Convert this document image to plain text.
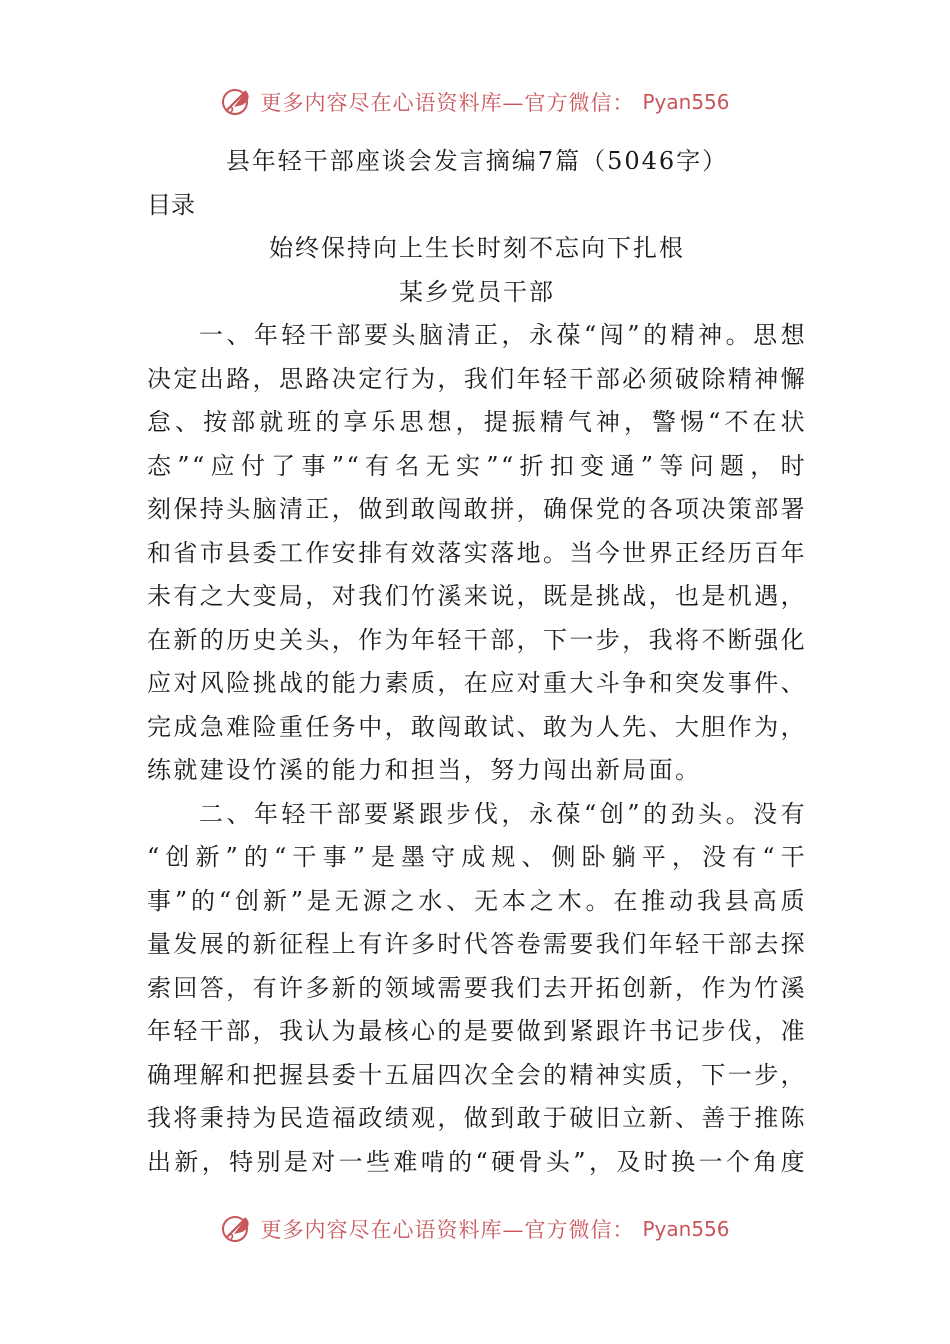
更多内容尽在心语资料库—官方微信： Pyan556
县年轻干部座谈会发言摘编7篇（5046字）
目录
始终保持向上生长时刻不忘向下扎根
某乡党员干部
一、年轻干部要头脑清正，永葆“闯”的精神。思想
决定出路，思路决定行为，我们年轻干部必须破除精神懈
怠、按部就班的享乐思想，提振精气神，警惕“不在状
态”“应付了事”“有名无实”“折扣变通”等问题，时
刻保持头脑清正，做到敢闯敢拼，确保党的各项决策部署
和省市县委工作安排有效落实落地。当今世界正经历百年
未有之大变局，对我们竹溪来说，既是挑战，也是机遇，
在新的历史关头，作为年轻干部，下一步，我将不断强化
应对风险挑战的能力素质，在应对重大斗争和突发事件、
完成急难险重任务中，敢闯敢试、敢为人先、大胆作为，
练就建设竹溪的能力和担当，努力闯出新局面。
二、年轻干部要紧跟步伐，永葆“创”的劲头。没有
“创新”的“干事”是墨守成规、侧卧躺平，没有“干
事”的“创新”是无源之水、无本之木。在推动我县高质
量发展的新征程上有许多时代答卷需要我们年轻干部去探
索回答，有许多新的领域需要我们去开拓创新，作为竹溪
年轻干部，我认为最核心的是要做到紧跟许书记步伐，准
确理解和把握县委十五届四次全会的精神实质，下一步，
我将秉持为民造福政绩观，做到敢于破旧立新、善于推陈
出新，特别是对一些难啃的“硬骨头”，及时换一个角度
更多内容尽在心语资料库—官方微信： Pyan556
